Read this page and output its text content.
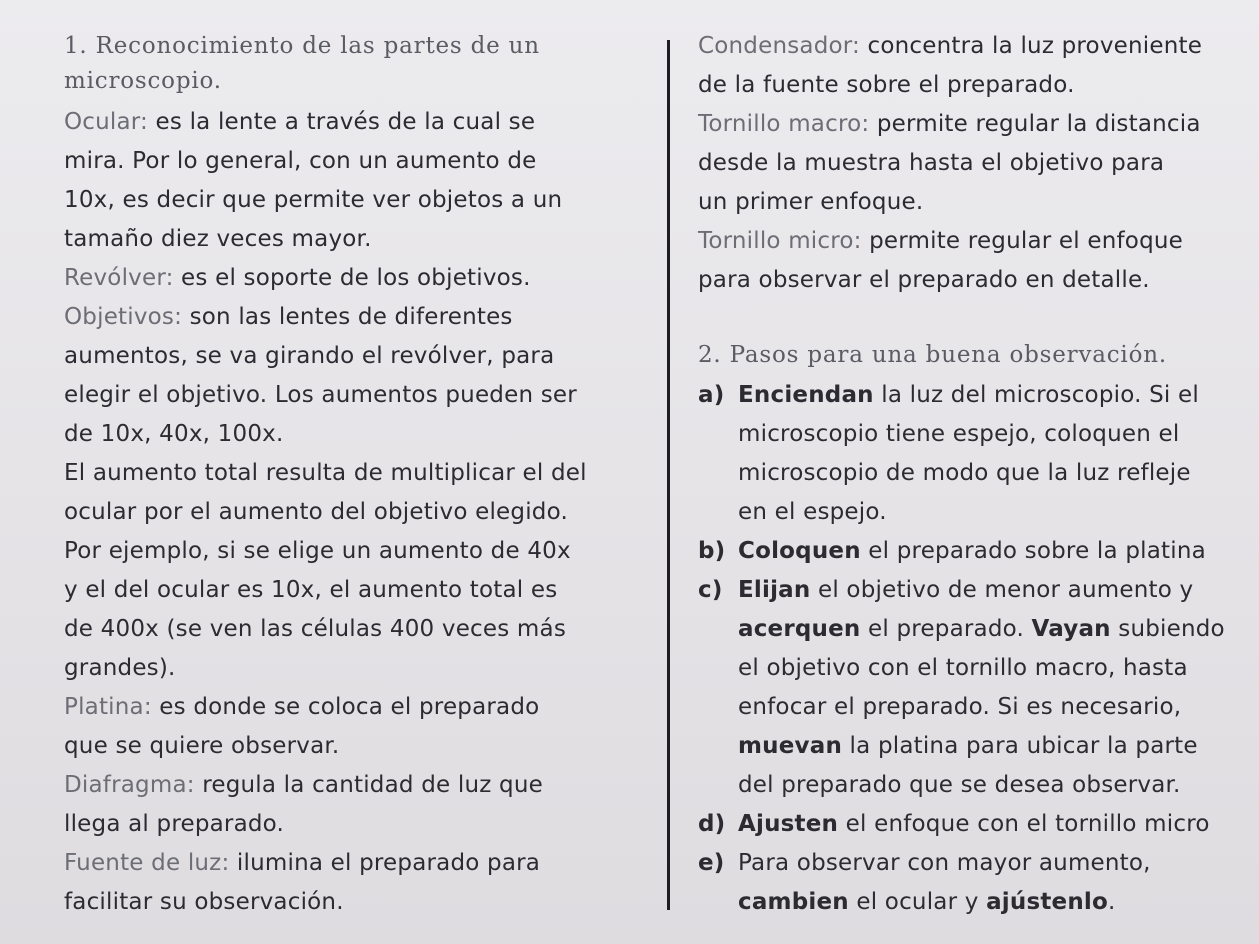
1. Reconocimiento de las partes de un
microscopio.
Ocular: es la lente a través de la cual se
mira. Por lo general, con un aumento de
10x, es decir que permite ver objetos a un
tamaño diez veces mayor.
Revólver: es el soporte de los objetivos.
Objetivos: son las lentes de diferentes
aumentos, se va girando el revólver, para
elegir el objetivo. Los aumentos pueden ser
de 10x, 40x, 100x.
El aumento total resulta de multiplicar el del
ocular por el aumento del objetivo elegido.
Por ejemplo, si se elige un aumento de 40x
y el del ocular es 10x, el aumento total es
de 400x (se ven las células 400 veces más
grandes).
Platina: es donde se coloca el preparado
que se quiere observar.
Diafragma: regula la cantidad de luz que
llega al preparado.
Fuente de luz: ilumina el preparado para
facilitar su observación.
Condensador: concentra la luz proveniente
de la fuente sobre el preparado.
Tornillo macro: permite regular la distancia
desde la muestra hasta el objetivo para
un primer enfoque.
Tornillo micro: permite regular el enfoque
para observar el preparado en detalle.
2. Pasos para una buena observación.
a) Enciendan la luz del microscopio. Si el
microscopio tiene espejo, coloquen el
microscopio de modo que la luz refleje
en el espejo.
b) Coloquen el preparado sobre la platina
c) Elijan el objetivo de menor aumento y
acerquen el preparado. Vayan subiendo
el objetivo con el tornillo macro, hasta
enfocar el preparado. Si es necesario,
muevan la platina para ubicar la parte
del preparado que se desea observar.
d) Ajusten el enfoque con el tornillo micro
e) Para observar con mayor aumento,
cambien el ocular y ajústenlo.
